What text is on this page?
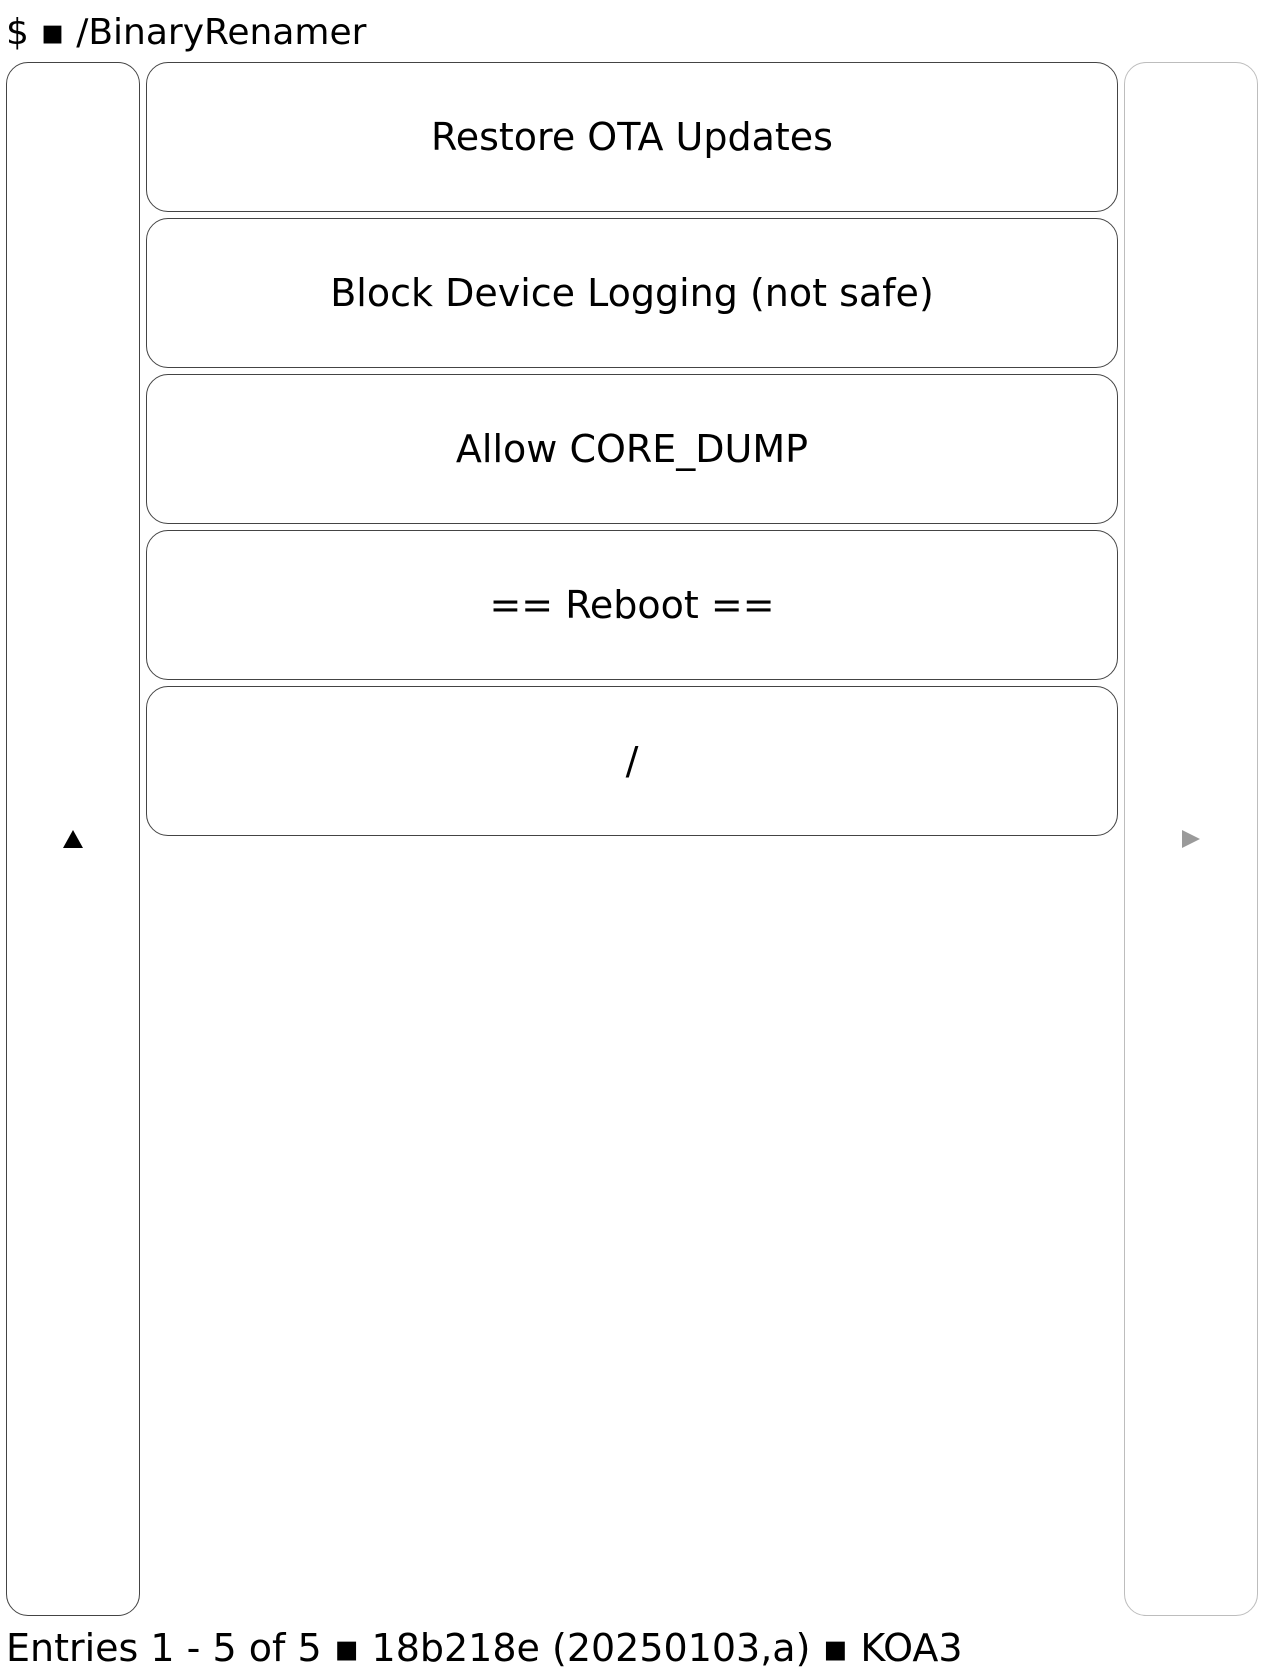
$ ▪ /BinaryRenamer
Restore OTA Updates
Block Device Logging (not safe)
Allow CORE_DUMP
== Reboot ==
/
Entries 1 - 5 of 5 ▪ 18b218e (20250103,a) ▪ KOA3
